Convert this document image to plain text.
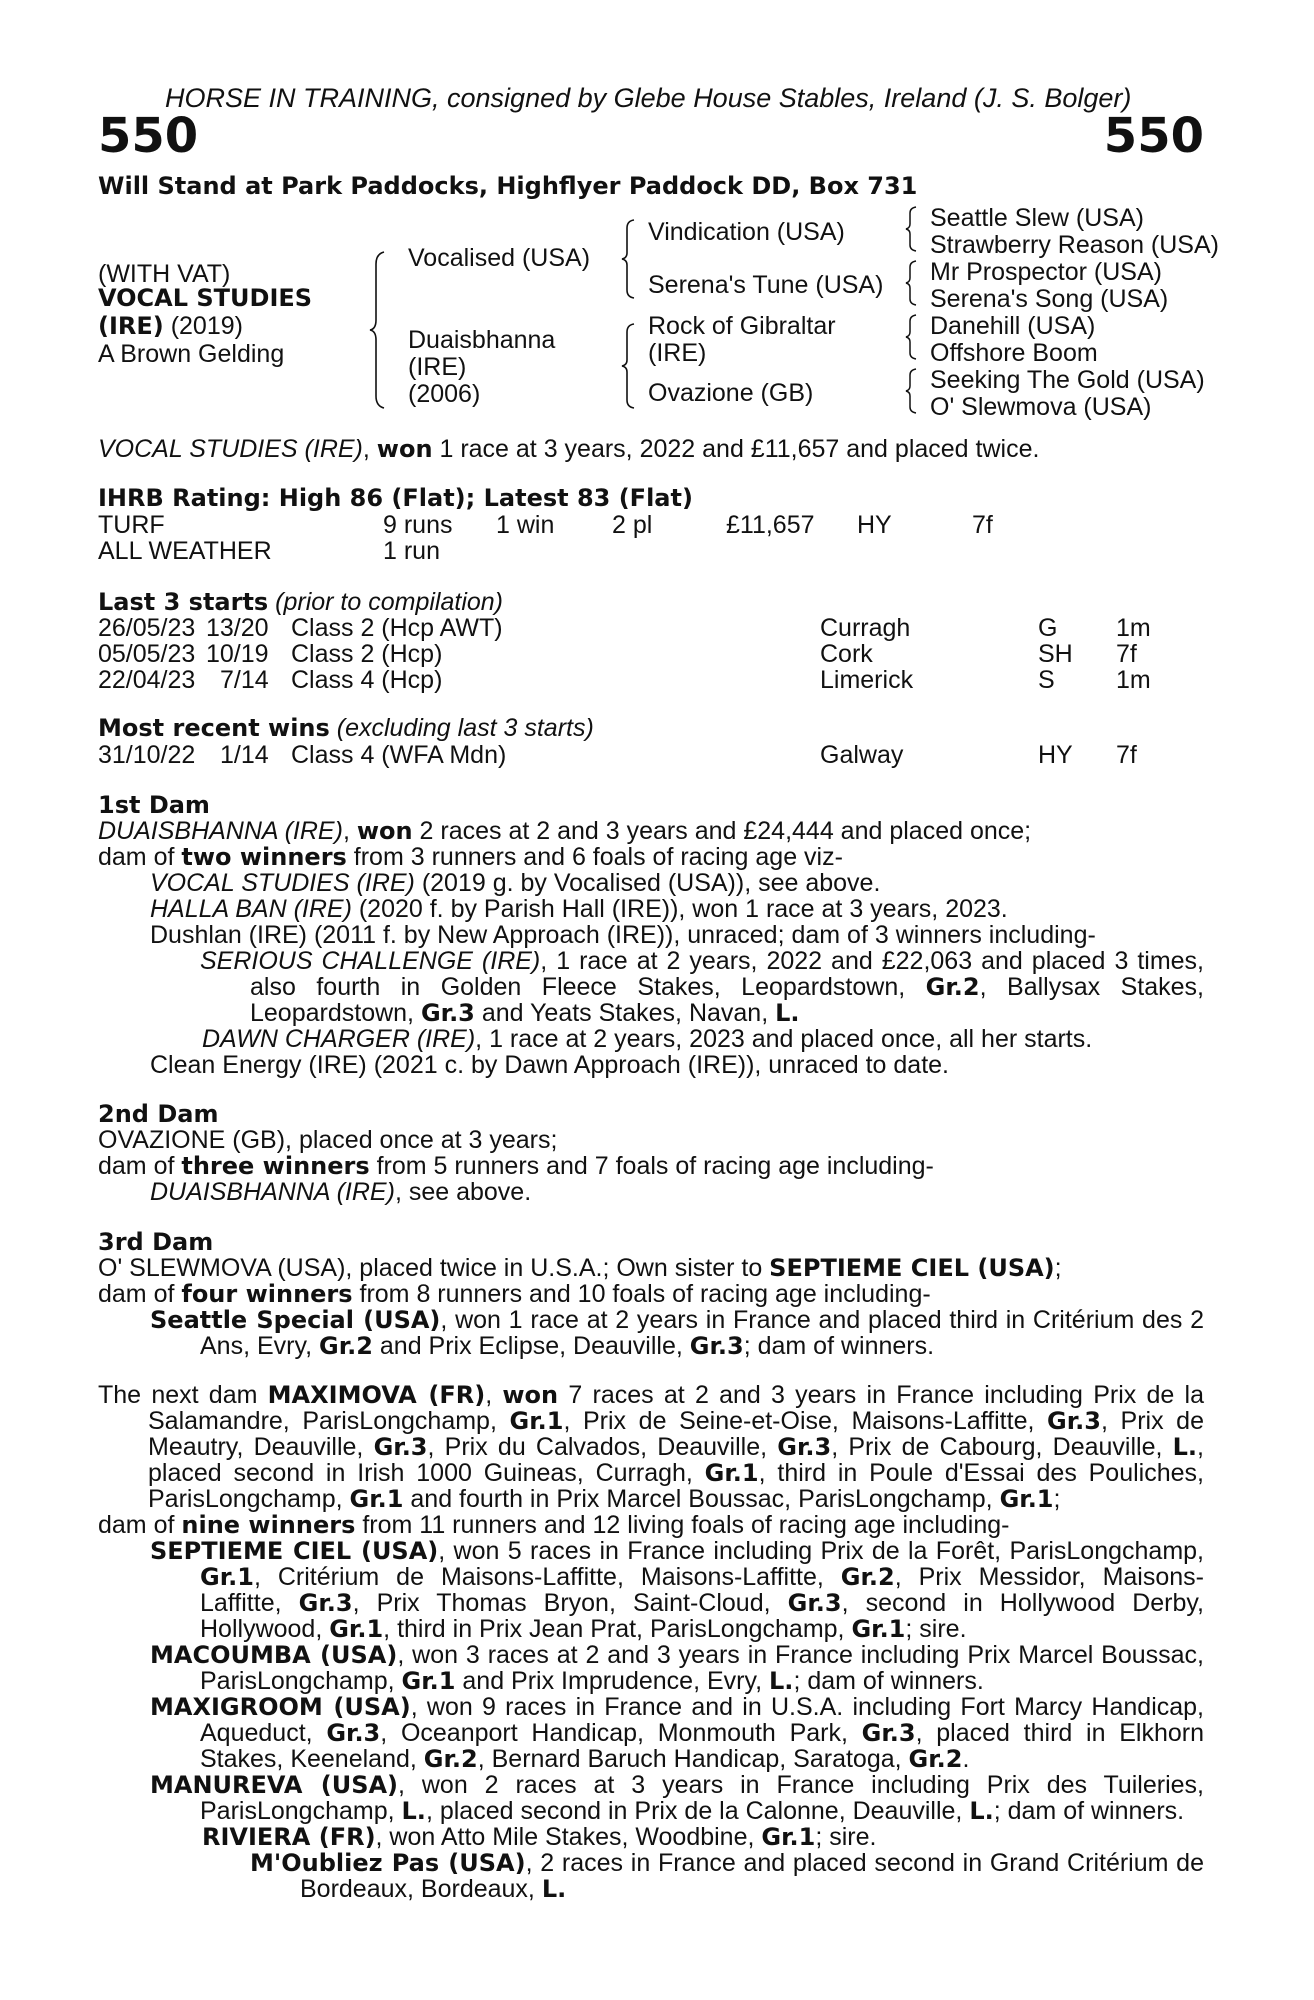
HORSE IN TRAINING, consigned by Glebe House Stables, Ireland (J. S. Bolger)
550	550
Will Stand at Park Paddocks, Highflyer Paddock DD, Box 731
(WITH VAT)
VOCAL STUDIES
(IRE) (2019)
A Brown Gelding
Vocalised (USA)
Duaisbhanna
(IRE)
(2006)
Vindication (USA)
Serena's Tune (USA)
Rock of Gibraltar
(IRE)
Ovazione (GB)
Seattle Slew (USA)
Strawberry Reason (USA)
Mr Prospector (USA)
Serena's Song (USA)
Danehill (USA)
Offshore Boom
Seeking The Gold (USA)
O' Slewmova (USA)
VOCAL STUDIES (IRE), won 1 race at 3 years, 2022 and £11,657 and placed twice.
IHRB Rating: High 86 (Flat); Latest 83 (Flat)
TURF	9 runs 1 win 2 pl	£11,657 HY	7f
ALL WEATHER	1 run
Last 3 starts (prior to compilation)
26/05/23 13/20 Class 2 (Hcp AWT)	Curragh	G 1m
05/05/23 10/19 Class 2 (Hcp)	Cork	SH 7f
22/04/23 7/14 Class 4 (Hcp)	Limerick	S 1m
Most recent wins (excluding last 3 starts)
31/10/22 1/14 Class 4 (WFA Mdn)	Galway	HY 7f

1st Dam

DUAISBHANNA (IRE), won 2 races at 2 and 3 years and £24,444 and placed once;

dam of two winners from 3 runners and 6 foals of racing age viz-

VOCAL STUDIES (IRE) (2019 g. by Vocalised (USA)), see above.

HALLA BAN (IRE) (2020 f. by Parish Hall (IRE)), won 1 race at 3 years, 2023.

Dushlan (IRE) (2011 f. by New Approach (IRE)), unraced; dam of 3 winners including-

SERIOUS CHALLENGE (IRE), 1 race at 2 years, 2022 and £22,063 and placed 3 times, also fourth in Golden Fleece Stakes, Leopardstown, Gr.2, Ballysax Stakes, Leopardstown, Gr.3 and Yeats Stakes, Navan, L.

DAWN CHARGER (IRE), 1 race at 2 years, 2023 and placed once, all her starts.

Clean Energy (IRE) (2021 c. by Dawn Approach (IRE)), unraced to date.

2nd Dam

OVAZIONE (GB), placed once at 3 years;

dam of three winners from 5 runners and 7 foals of racing age including-

DUAISBHANNA (IRE), see above.

3rd Dam

O' SLEWMOVA (USA), placed twice in U.S.A.; Own sister to SEPTIEME CIEL (USA);

dam of four winners from 8 runners and 10 foals of racing age including-

Seattle Special (USA), won 1 race at 2 years in France and placed third in Critérium des 2 Ans, Evry, Gr.2 and Prix Eclipse, Deauville, Gr.3; dam of winners.

The next dam MAXIMOVA (FR), won 7 races at 2 and 3 years in France including Prix de la Salamandre, ParisLongchamp, Gr.1, Prix de Seine-et-Oise, Maisons-Laffitte, Gr.3, Prix de Meautry, Deauville, Gr.3, Prix du Calvados, Deauville, Gr.3, Prix de Cabourg, Deauville, L., placed second in Irish 1000 Guineas, Curragh, Gr.1, third in Poule d'Essai des Pouliches, ParisLongchamp, Gr.1 and fourth in Prix Marcel Boussac, ParisLongchamp, Gr.1;

dam of nine winners from 11 runners and 12 living foals of racing age including-

SEPTIEME CIEL (USA), won 5 races in France including Prix de la Forêt, ParisLongchamp, Gr.1, Critérium de Maisons-Laffitte, Maisons-Laffitte, Gr.2, Prix Messidor, Maisons-Laffitte, Gr.3, Prix Thomas Bryon, Saint-Cloud, Gr.3, second in Hollywood Derby, Hollywood, Gr.1, third in Prix Jean Prat, ParisLongchamp, Gr.1; sire.

MACOUMBA (USA), won 3 races at 2 and 3 years in France including Prix Marcel Boussac, ParisLongchamp, Gr.1 and Prix Imprudence, Evry, L.; dam of winners.

MAXIGROOM (USA), won 9 races in France and in U.S.A. including Fort Marcy Handicap, Aqueduct, Gr.3, Oceanport Handicap, Monmouth Park, Gr.3, placed third in Elkhorn Stakes, Keeneland, Gr.2, Bernard Baruch Handicap, Saratoga, Gr.2.

MANUREVA (USA), won 2 races at 3 years in France including Prix des Tuileries, ParisLongchamp, L., placed second in Prix de la Calonne, Deauville, L.; dam of winners.

RIVIERA (FR), won Atto Mile Stakes, Woodbine, Gr.1; sire.

M'Oubliez Pas (USA), 2 races in France and placed second in Grand Critérium de Bordeaux, Bordeaux, L.
